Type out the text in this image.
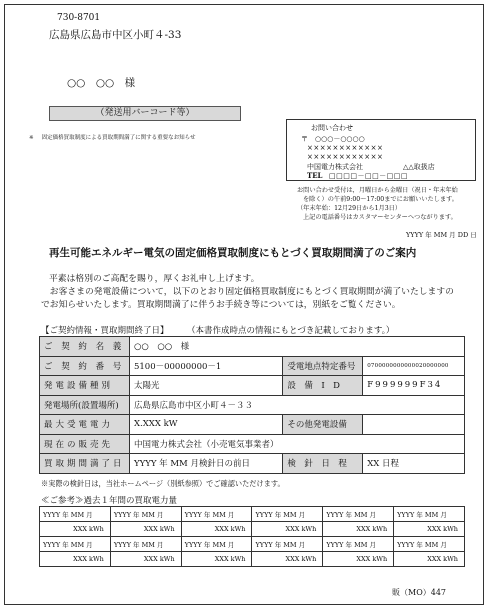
730-8701
広島県広島市中区小町４-33
○○　○○　様
（発送用バーコード等）
※ 固定価格買取制度による買取期間満了に関する重要なお知らせ
お問い合わせ
〒　○○○－○○○○
××××××××××××
××××××××××××
中国電力株式会社	△△取扱店
TEL □□□□－□□－□□□
お問い合わせ受付は，月曜日から金曜日（祝日・年末年始
を除く）の午前9:00～17:00までにお願いいたします。
（年末年始：12月29日から1月3日）
上記の電話番号はカスタマーセンターへつながります。
YYYY 年 MM 月 DD 日
再生可能エネルギー電気の固定価格買取制度にもとづく買取期間満了のご案内
平素は格別のご高配を賜り，厚くお礼申し上げます。
　お客さまの発電設備について，以下のとおり固定価格買取制度にもとづく買取期間が満了いたしますの
でお知らせいたします。買取期間満了に伴うお手続き等については，別紙をご覧ください。
【ご契約情報・買取期間終了日】 （本書作成時点の情報にもとづき記載しております。）
ご 契 約 名 義	○○　○○　様		
ご 契 約 番 号	5100－00000000－1	受電地点特定番号	0700000000000020000000
発電設備種別	太陽光	設　備　I　D	F999999F34
発電場所(設置場所)	広島県広島市中区小町４－３３		
最大受電電力	X.XXX kW	その他発電設備	
現在の販売先	中国電力株式会社（小売電気事業者）		
買取期間満了日	YYYY 年 MM 月検針日の前日	検　針　日　程	XX 日程
※実際の検針日は，当社ホームページ（別紙参照）でご確認いただけます。
≪ご参考≫過去１年間の買取電力量
YYYY 年 MM 月	YYYY 年 MM 月	YYYY 年 MM 月	YYYY 年 MM 月	YYYY 年 MM 月	YYYY 年 MM 月
XXX kWh	XXX kWh	XXX kWh	XXX kWh	XXX kWh	XXX kWh
YYYY 年 MM 月	YYYY 年 MM 月	YYYY 年 MM 月	YYYY 年 MM 月	YYYY 年 MM 月	YYYY 年 MM 月
XXX kWh	XXX kWh	XXX kWh	XXX kWh	XXX kWh	XXX kWh
販（MO）447
